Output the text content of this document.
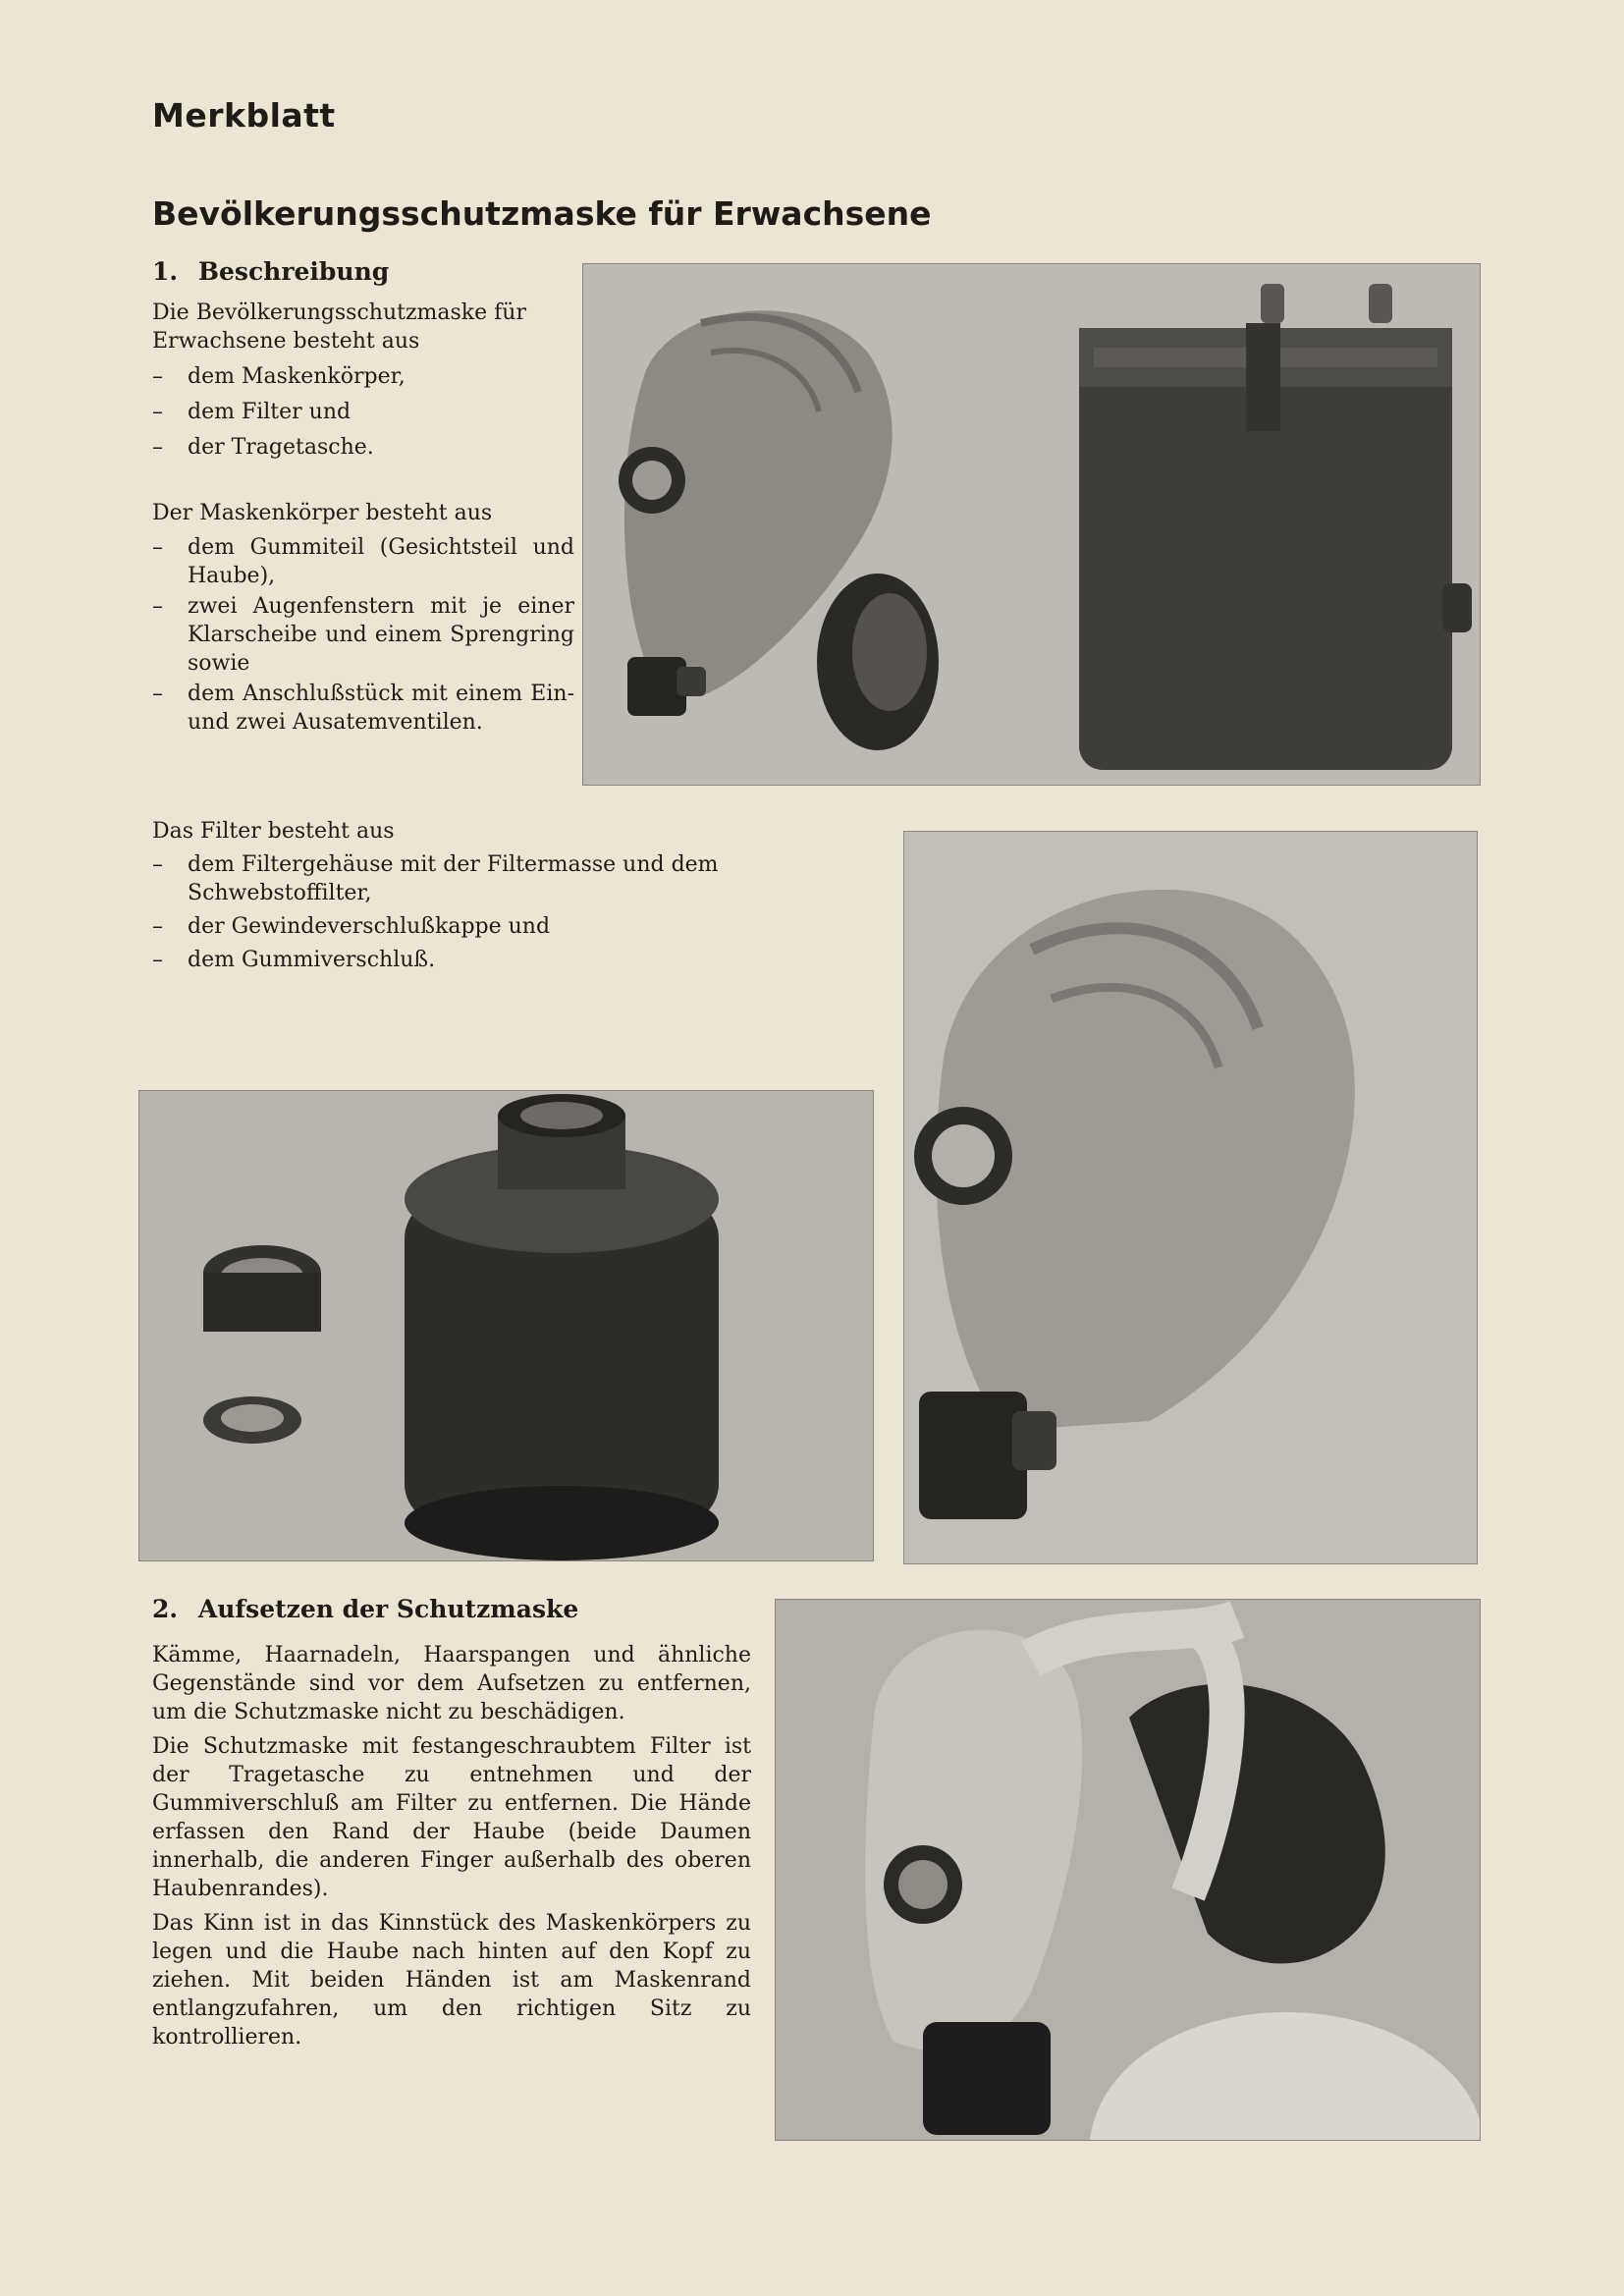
Merkblatt
Bevölkerungsschutzmaske für Erwachsene
1. Beschreibung

Die Bevölkerungsschutzmaske für

Erwachsene besteht aus

– dem Maskenkörper,

– dem Filter und

– der Tragetasche.

Der Maskenkörper besteht aus

– dem Gummiteil (Gesichtsteil und Haube),

– zwei Augenfenstern mit je einer Klarscheibe und einem Sprengring sowie

– dem Anschlußstück mit einem Ein- und zwei Ausatemventilen.

Das Filter besteht aus

– dem Filtergehäuse mit der Filtermasse und dem Schwebstoffilter,

– der Gewindeverschlußkappe und

– dem Gummiverschluß.

2. Aufsetzen der Schutzmaske

Kämme, Haarnadeln, Haarspangen und ähnliche Gegenstände sind vor dem Aufsetzen zu entfernen, um die Schutzmaske nicht zu beschädigen.

Die Schutzmaske mit festangeschraubtem Filter ist der Tragetasche zu entnehmen und der Gummiverschluß am Filter zu entfernen. Die Hände erfassen den Rand der Haube (beide Daumen innerhalb, die anderen Finger außerhalb des oberen Haubenrandes).

Das Kinn ist in das Kinnstück des Maskenkörpers zu legen und die Haube nach hinten auf den Kopf zu ziehen. Mit beiden Händen ist am Maskenrand entlangzufahren, um den richtigen Sitz zu kontrollieren.
